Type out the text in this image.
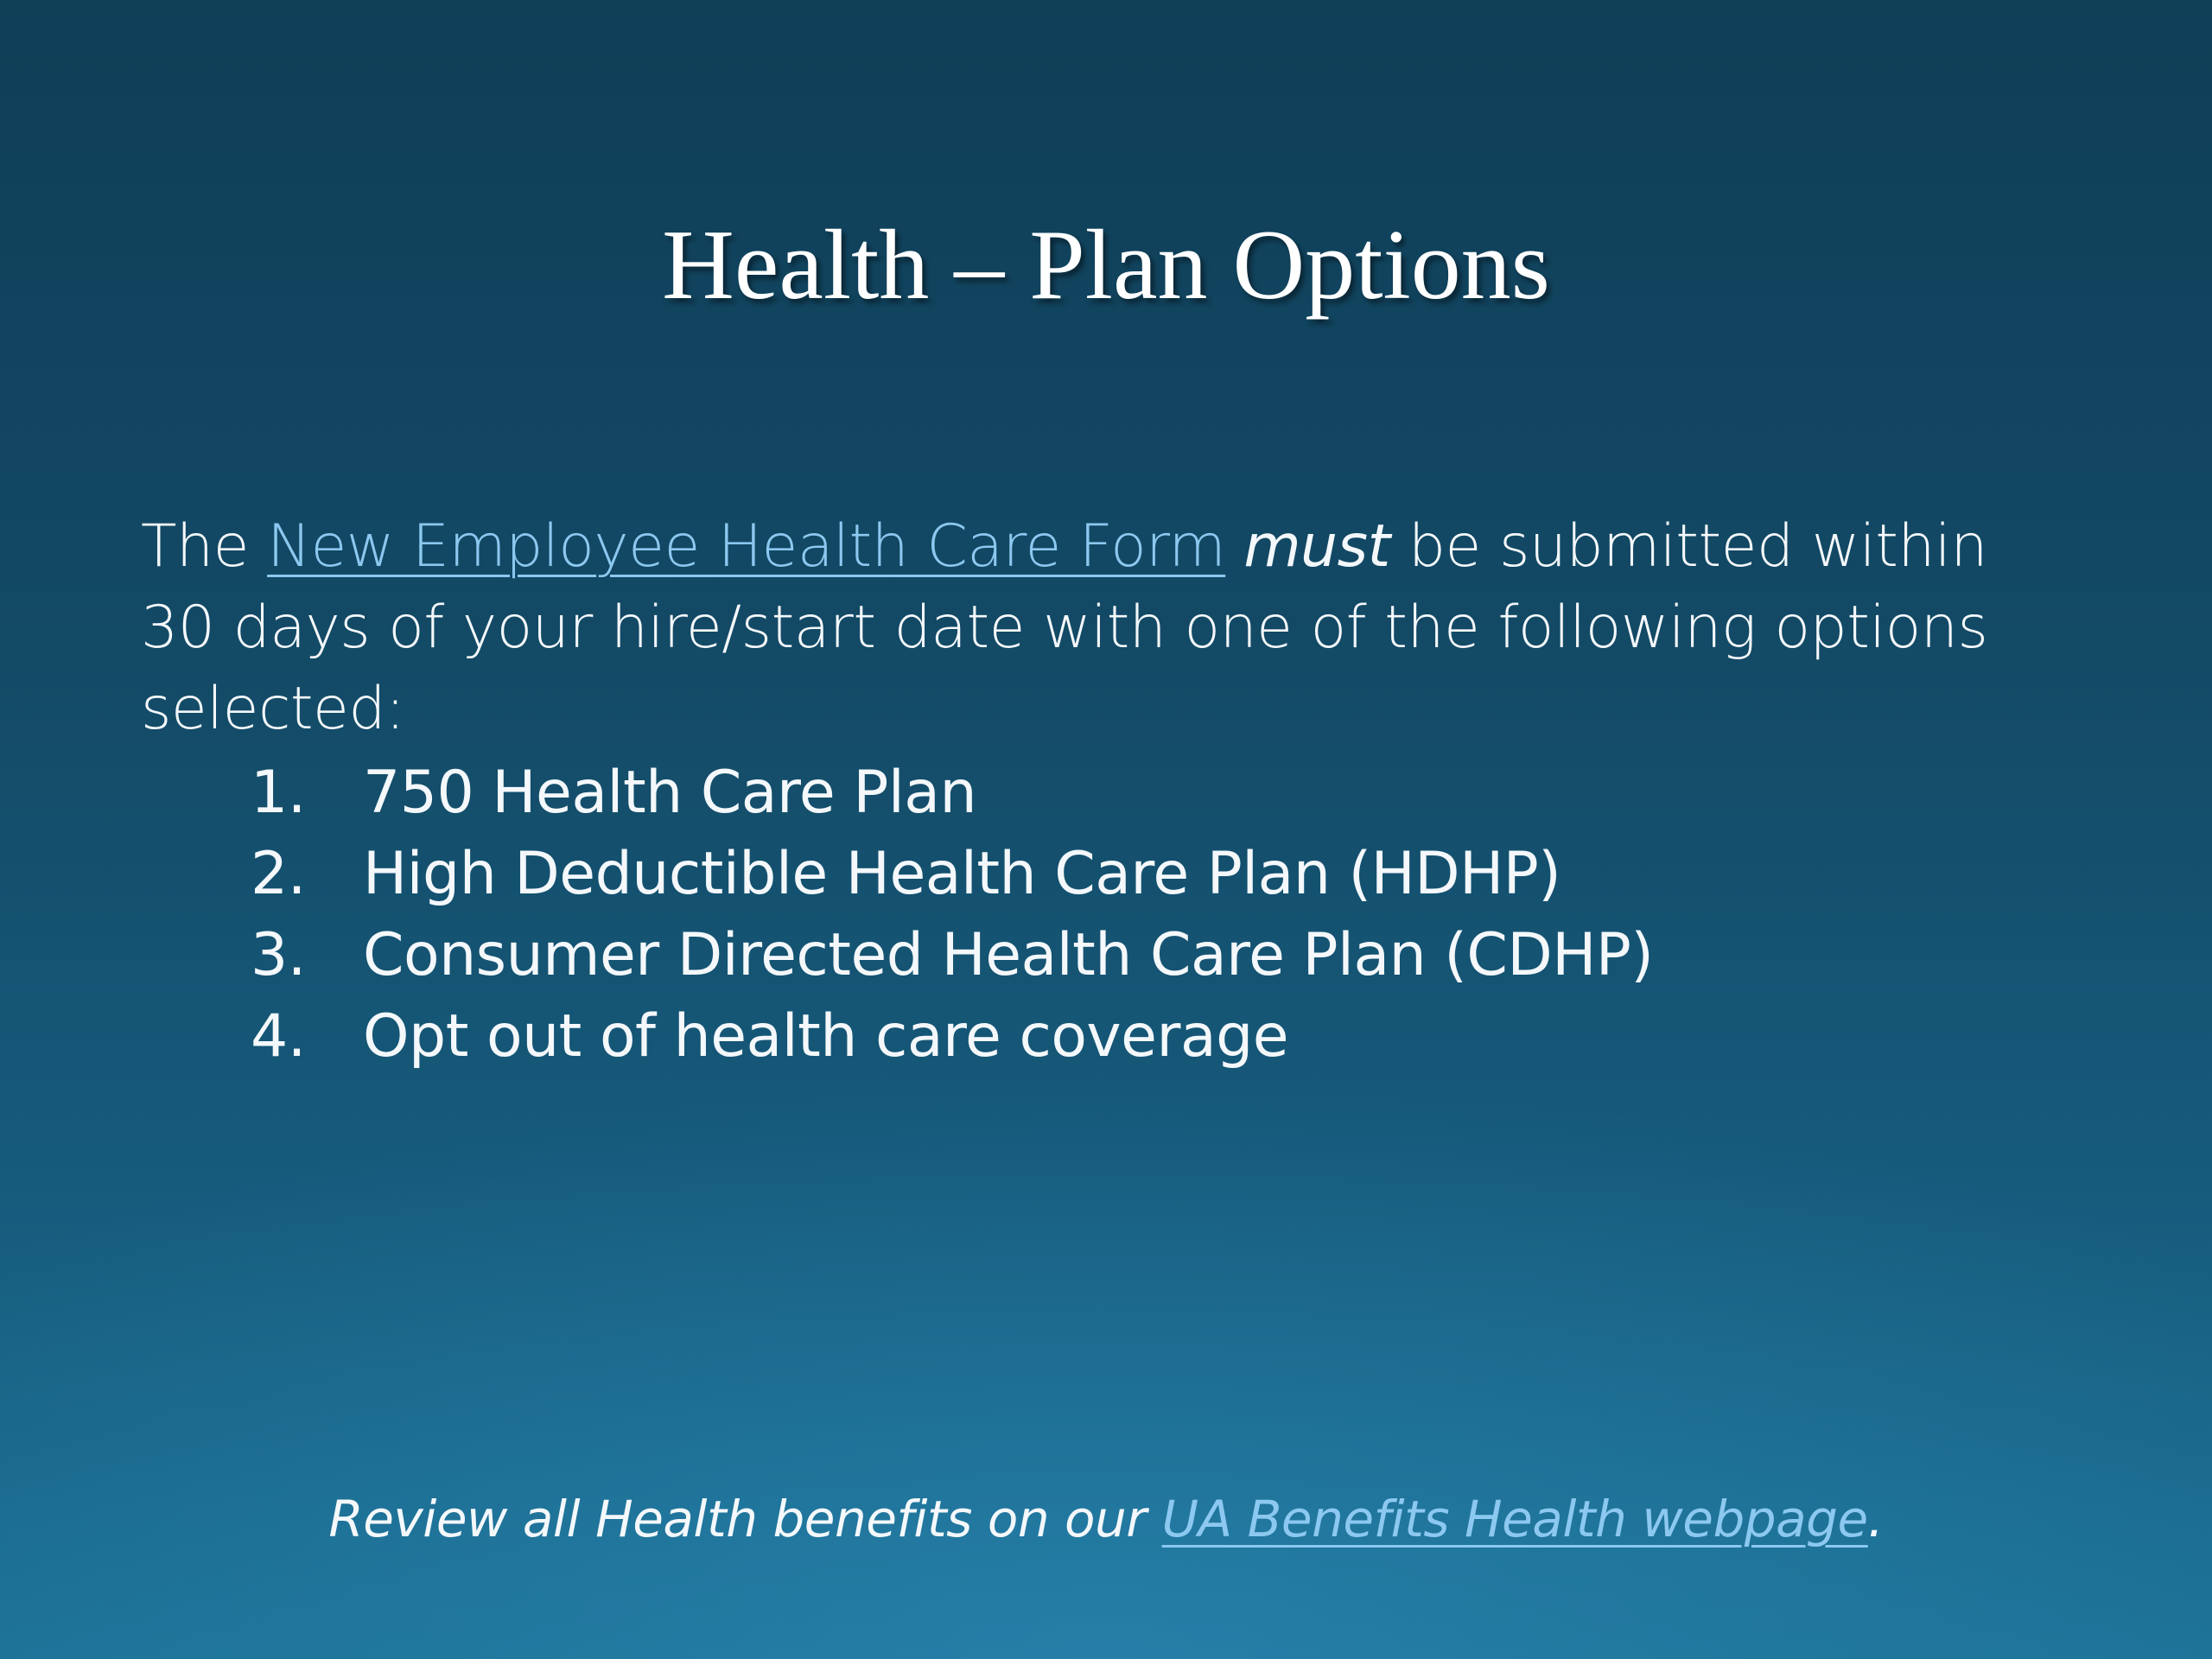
Health – Plan Options
The New Employee Health Care Form must be submitted within 30 days of your hire/start date with one of the following options selected:
1. 750 Health Care Plan
2. High Deductible Health Care Plan (HDHP)
3. Consumer Directed Health Care Plan (CDHP)
4. Opt out of health care coverage
Review all Health benefits on our UA Benefits Health webpage.
